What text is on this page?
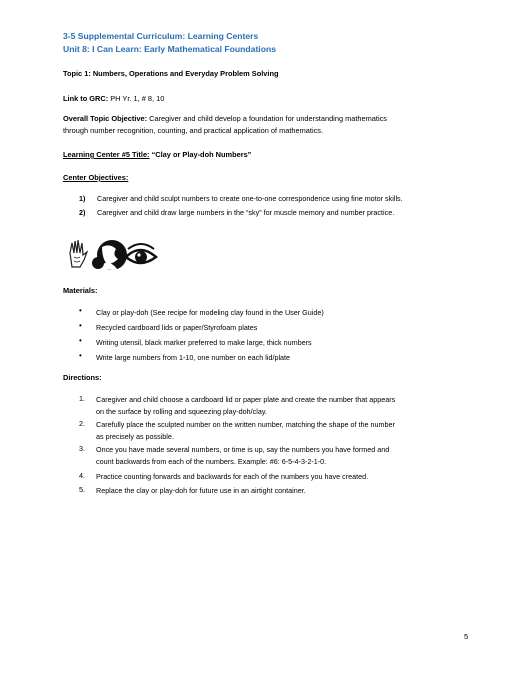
3-5 Supplemental Curriculum: Learning Centers
Unit 8: I Can Learn: Early Mathematical Foundations
Topic 1: Numbers, Operations and Everyday Problem Solving
Link to GRC: PH Yr. 1, # 8, 10
Overall Topic Objective: Caregiver and child develop a foundation for understanding mathematics
through number recognition, counting, and practical application of mathematics.
Learning Center #5 Title: “Clay or Play-doh Numbers”
Center Objectives:
1) Caregiver and child sculpt numbers to create one-to-one correspondence using fine motor skills.
2) Caregiver and child draw large numbers in the “sky” for muscle memory and number practice.
Materials:
• Clay or play-doh (See recipe for modeling clay found in the User Guide)
• Recycled cardboard lids or paper/Styrofoam plates
• Writing utensil, black marker preferred to make large, thick numbers
• Write large numbers from 1-10, one number on each lid/plate
Directions:
1. Caregiver and child choose a cardboard lid or paper plate and create the number that appears
on the surface by rolling and squeezing play-doh/clay.
2. Carefully place the sculpted number on the written number, matching the shape of the number
as precisely as possible.
3. Once you have made several numbers, or time is up, say the numbers you have formed and
count backwards from each of the numbers. Example: #6: 6-5-4-3-2-1-0.
4. Practice counting forwards and backwards for each of the numbers you have created.
5. Replace the clay or play-doh for future use in an airtight container.
5
